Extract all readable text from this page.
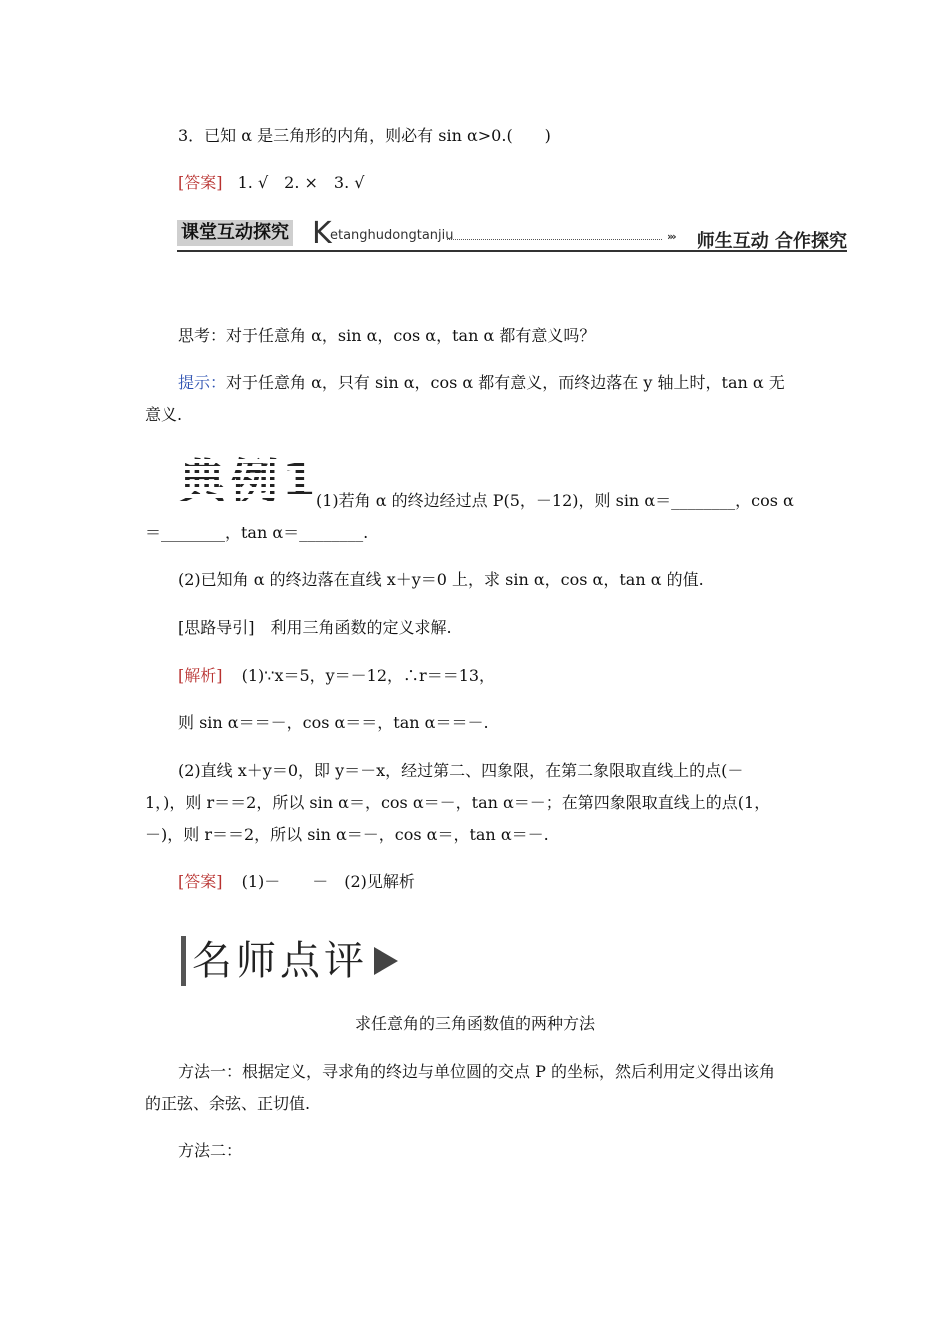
3．已知 α 是三角形的内角，则必有 sin α>0.(　　)
[答案] 1. √　2. ×　3. √
课堂互动探究 K
etanghudongtanjiu	››› 师生互动 合作探究
思考：对于任意角 α，sin α，cos α，tan α 都有意义吗？
提示：对于任意角 α，只有 sin α，cos α 都有意义，而终边落在 y 轴上时，tan α 无
意义.
典例1
(1)若角 α 的终边经过点 P(5，－12)，则 sin α＝________，cos α
＝________，tan α＝________.
(2)已知角 α 的终边落在直线 x＋y＝0 上，求 sin α，cos α，tan α 的值.
[思路导引]　利用三角函数的定义求解.
[解析] (1)∵x＝5，y＝－12，∴r＝＝13，
则 sin α＝＝－，cos α＝＝，tan α＝＝－.
(2)直线 x＋y＝0，即 y＝－x，经过第二、四象限，在第二象限取直线上的点(－
1，)，则 r＝＝2，所以 sin α＝，cos α＝－，tan α＝－；在第四象限取直线上的点(1，
－)，则 r＝＝2，所以 sin α＝－，cos α＝，tan α＝－.
[答案] (1)－　　－　(2)见解析
名师点评
求任意角的三角函数值的两种方法
方法一：根据定义，寻求角的终边与单位圆的交点 P 的坐标，然后利用定义得出该角
的正弦、余弦、正切值.
方法二：
